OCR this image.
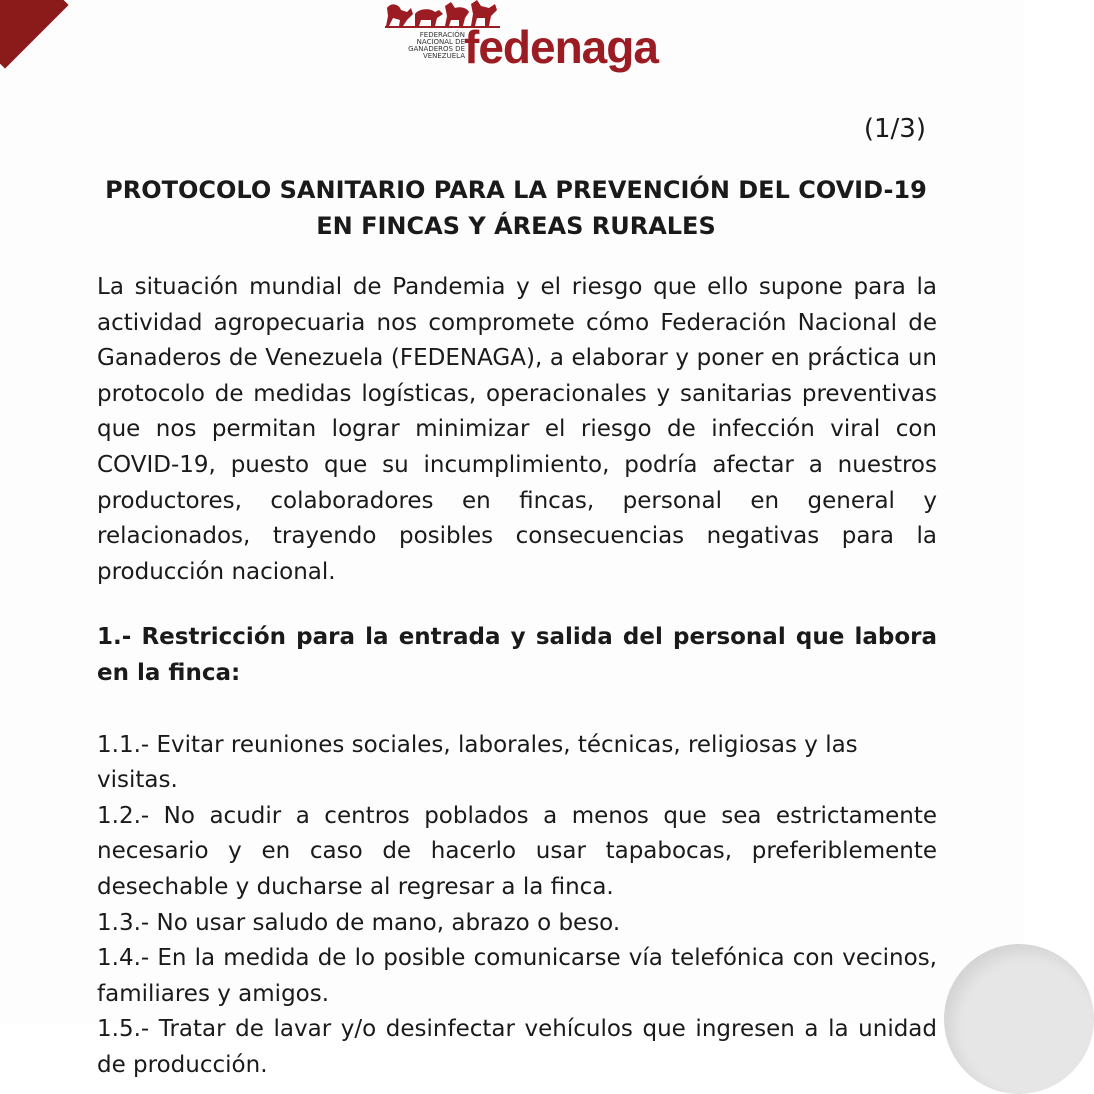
FEDERACIÓN NACIONAL DE GANADEROS DE VENEZUELA fedenaga
(1/3)
PROTOCOLO SANITARIO PARA LA PREVENCIÓN DEL COVID-19 EN FINCAS Y ÁREAS RURALES

La situación mundial de Pandemia y el riesgo que ello supone para la actividad agropecuaria nos compromete cómo Federación Nacional de Ganaderos de Venezuela (FEDENAGA), a elaborar y poner en práctica un protocolo de medidas logísticas, operacionales y sanitarias preventivas que nos permitan lograr minimizar el riesgo de infección viral con COVID-19, puesto que su incumplimiento, podría afectar a nuestros productores, colaboradores en fincas, personal en general y relacionados, trayendo posibles consecuencias negativas para la producción nacional.

1.- Restricción para la entrada y salida del personal que labora en la finca:

1.1.- Evitar reuniones sociales, laborales, técnicas, religiosas y las visitas.

1.2.- No acudir a centros poblados a menos que sea estrictamente necesario y en caso de hacerlo usar tapabocas, preferiblemente desechable y ducharse al regresar a la finca.

1.3.- No usar saludo de mano, abrazo o beso.

1.4.- En la medida de lo posible comunicarse vía telefónica con vecinos, familiares y amigos.

1.5.- Tratar de lavar y/o desinfectar vehículos que ingresen a la unidad de producción.
